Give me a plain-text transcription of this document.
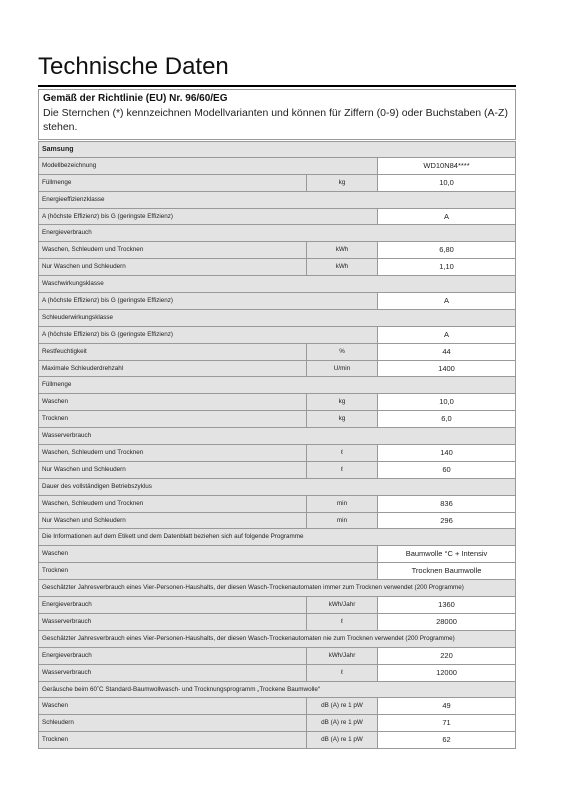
Technische Daten
Gemäß der Richtlinie (EU) Nr. 96/60/EG
Die Sternchen (*) kennzeichnen Modellvarianten und können für Ziffern (0-9) oder Buchstaben (A-Z) stehen.
Samsung
Modellbezeichnung	WD10N84****
Füllmenge	kg	10,0
Energieeffizienzklasse
A (höchste Effizienz) bis G (geringste Effizienz)	A
Energieverbrauch
Waschen, Schleudern und Trocknen	kWh	6,80
Nur Waschen und Schleudern	kWh	1,10
Waschwirkungsklasse
A (höchste Effizienz) bis G (geringste Effizienz)	A
Schleuderwirkungsklasse
A (höchste Effizienz) bis G (geringste Effizienz)	A
Restfeuchtigkeit	%	44
Maximale Schleuderdrehzahl	U/min	1400
Füllmenge
Waschen	kg	10,0
Trocknen	kg	6,0
Wasserverbrauch
Waschen, Schleudern und Trocknen	ℓ	140
Nur Waschen und Schleudern	ℓ	60
Dauer des vollständigen Betriebszyklus
Waschen, Schleudern und Trocknen	min	836
Nur Waschen und Schleudern	min	296
Die Informationen auf dem Etikett und dem Datenblatt beziehen sich auf folgende Programme
Waschen	Baumwolle °C + Intensiv
Trocknen	Trocknen Baumwolle
Geschätzter Jahresverbrauch eines Vier-Personen-Haushalts, der diesen Wasch-Trockenautomaten immer zum Trocknen verwendet (200 Programme)
Energieverbrauch	kWh/Jahr	1360
Wasserverbrauch	ℓ	28000
Geschätzter Jahresverbrauch eines Vier-Personen-Haushalts, der diesen Wasch-Trockenautomaten nie zum Trocknen verwendet (200 Programme)
Energieverbrauch	kWh/Jahr	220
Wasserverbrauch	ℓ	12000
Geräusche beim 60˚C Standard-Baumwollwasch- und Trocknungsprogramm „Trockene Baumwolle“
Waschen	dB (A) re 1 pW	49
Schleudern	dB (A) re 1 pW	71
Trocknen	dB (A) re 1 pW	62
